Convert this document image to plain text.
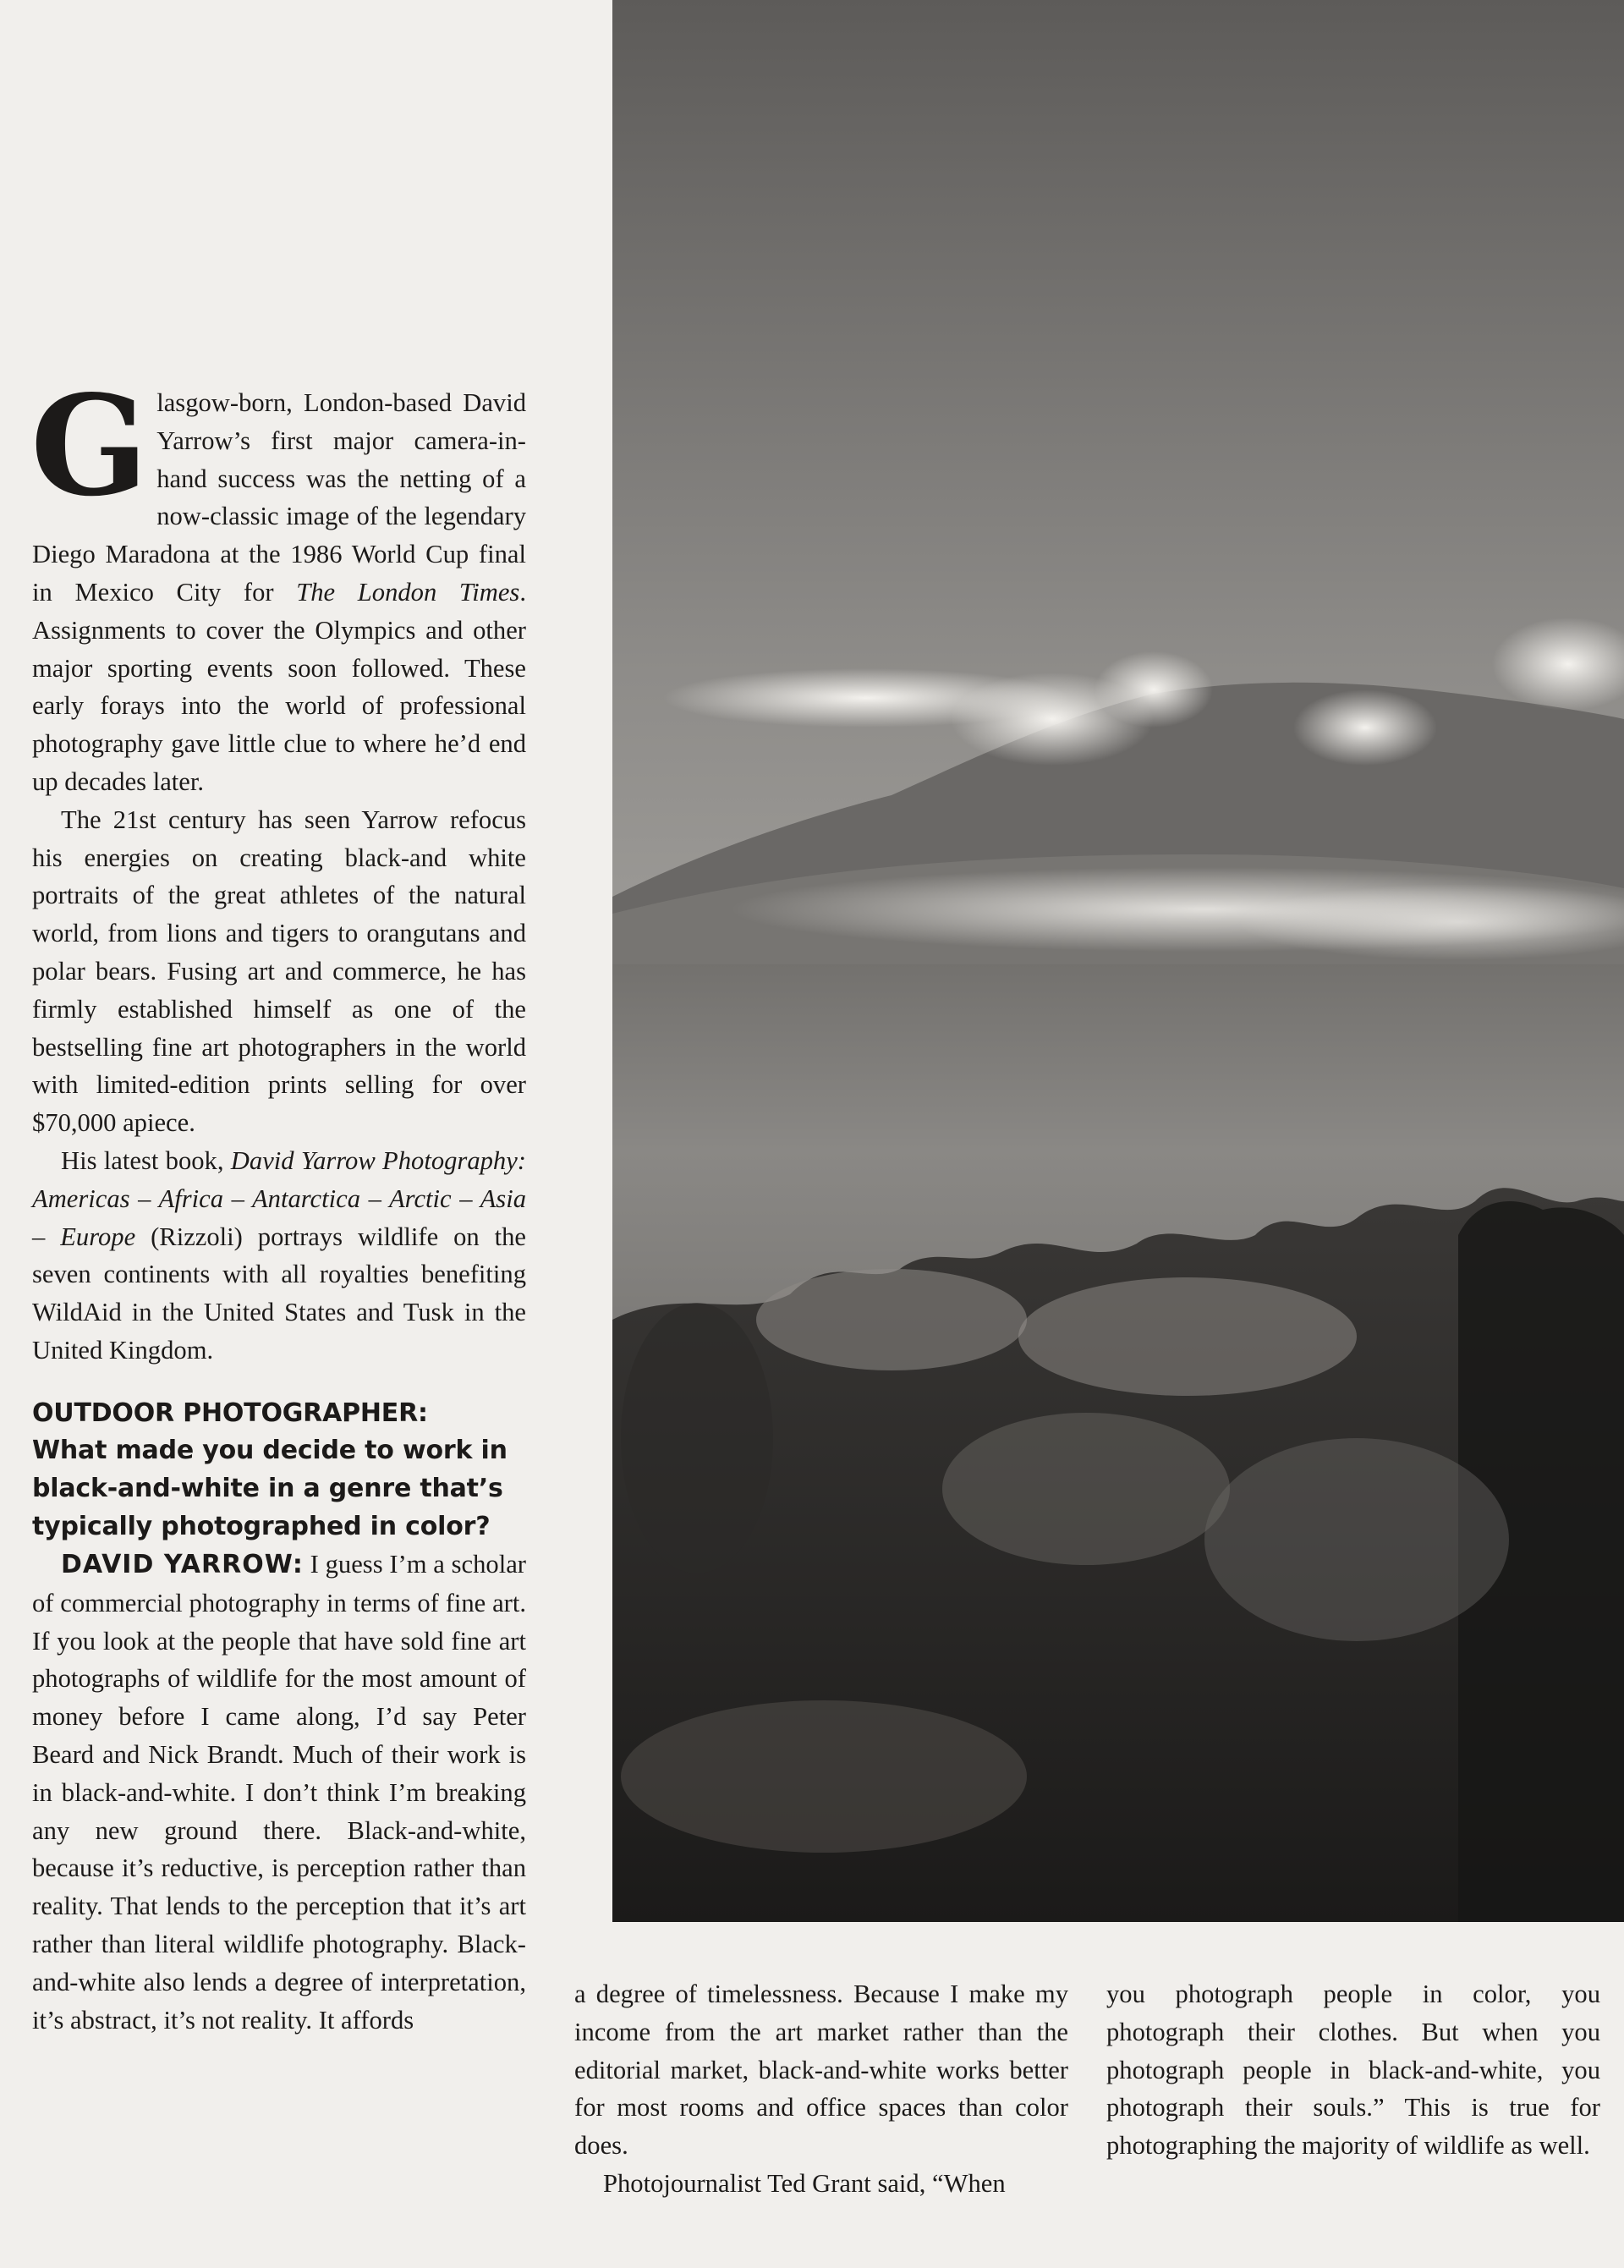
Glasgow-born, London-based David Yarrow’s first major camera-in-hand success was the netting of a now-classic image of the legendary Diego Maradona at the 1986 World Cup final in Mexico City for The London Times. Assignments to cover the Olympics and other major sporting events soon followed. These early forays into the world of professional photography gave little clue to where he’d end up decades later.

The 21st century has seen Yarrow refocus his energies on creating black-and white portraits of the great athletes of the natural world, from lions and tigers to orangutans and polar bears. Fusing art and commerce, he has firmly established himself as one of the bestselling fine art photographers in the world with limited-edition prints selling for over $70,000 apiece.

His latest book, David Yarrow Photography: Americas – Africa – Antarctica – Arctic – Asia – Europe (Rizzoli) portrays wildlife on the seven continents with all royalties benefiting WildAid in the United States and Tusk in the United Kingdom.

OUTDOOR PHOTOGRAPHER:
What made you decide to work in black-and-white in a genre that’s typically photographed in color?

DAVID YARROW: I guess I’m a scholar of commercial photography in terms of fine art. If you look at the people that have sold fine art photographs of wildlife for the most amount of money before I came along, I’d say Peter Beard and Nick Brandt. Much of their work is in black-and-white. I don’t think I’m breaking any new ground there. Black-and-white, because it’s reductive, is perception rather than reality. That lends to the perception that it’s art rather than literal wildlife photography. Black-and-white also lends a degree of interpretation, it’s abstract, it’s not reality. It affords

a degree of timelessness. Because I make my income from the art market rather than the editorial market, black-and-white works better for most rooms and office spaces than color does.

Photojournalist Ted Grant said, “When

you photograph people in color, you photograph their clothes. But when you photograph people in black-and-white, you photograph their souls.” This is true for photographing the majority of wildlife as well.
